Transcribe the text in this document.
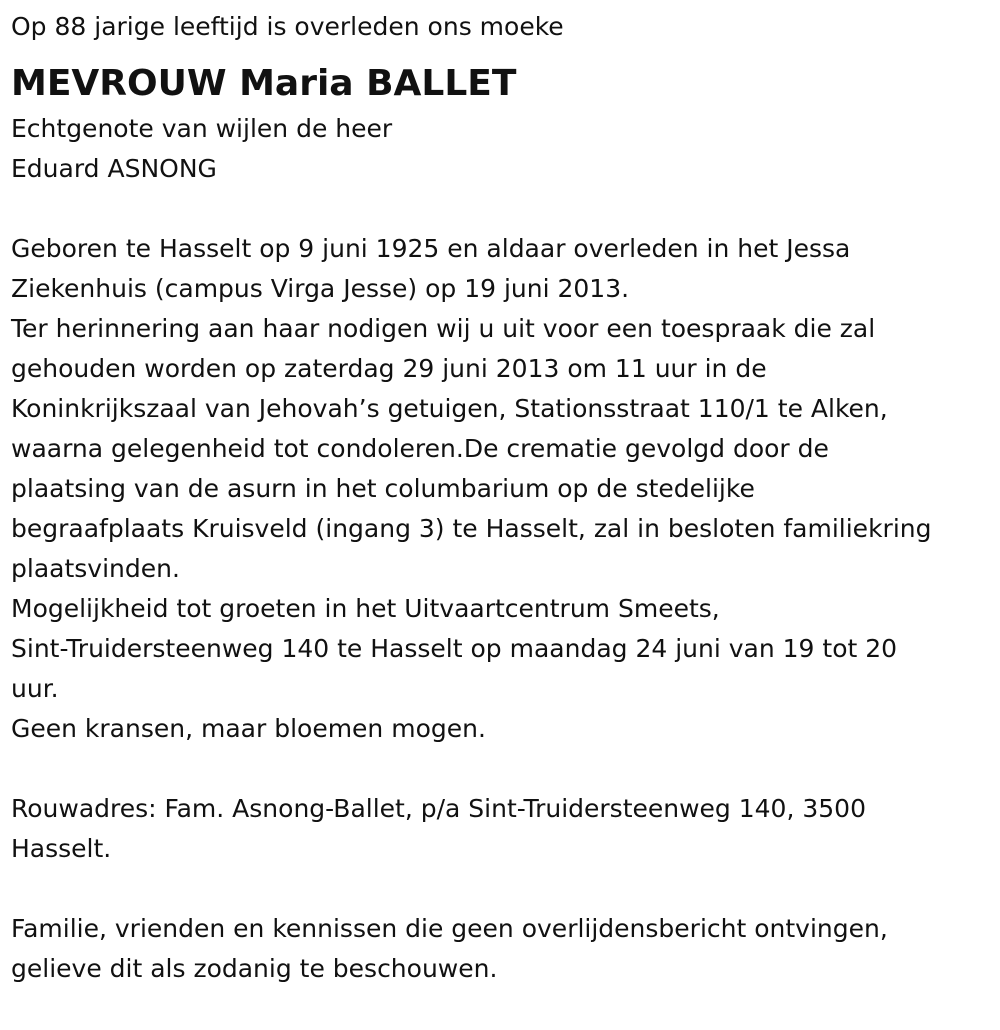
Op 88 jarige leeftijd is overleden ons moeke
MEVROUW Maria BALLET
Echtgenote van wijlen de heer
Eduard ASNONG
Geboren te Hasselt op 9 juni 1925 en aldaar overleden in het Jessa
Ziekenhuis (campus Virga Jesse) op 19 juni 2013.
Ter herinnering aan haar nodigen wij u uit voor een toespraak die zal
gehouden worden op zaterdag 29 juni 2013 om 11 uur in de
Koninkrijkszaal van Jehovah’s getuigen, Stationsstraat 110/1 te Alken,
waarna gelegenheid tot condoleren.De crematie gevolgd door de
plaatsing van de asurn in het columbarium op de stedelijke
begraafplaats Kruisveld (ingang 3) te Hasselt, zal in besloten familiekring
plaatsvinden.
Mogelijkheid tot groeten in het Uitvaartcentrum Smeets,
Sint-Truidersteenweg 140 te Hasselt op maandag 24 juni van 19 tot 20
uur.
Geen kransen, maar bloemen mogen.
Rouwadres: Fam. Asnong-Ballet, p/a Sint-Truidersteenweg 140, 3500
Hasselt.
Familie, vrienden en kennissen die geen overlijdensbericht ontvingen,
gelieve dit als zodanig te beschouwen.
